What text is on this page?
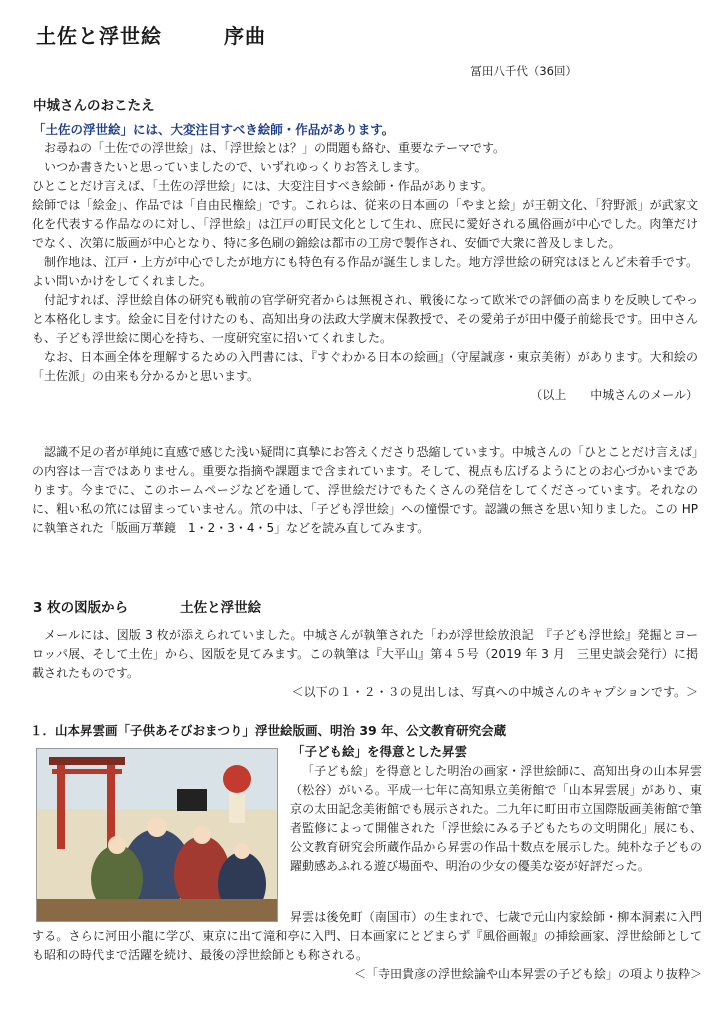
土佐と浮世絵	序曲
冨田八千代（36回）
中城さんのおこたえ
「土佐の浮世絵」には、大変注目すべき絵師・作品があります。

お尋ねの「土佐での浮世絵」は、「浮世絵とは？」の問題も絡む、重要なテーマです。

いつか書きたいと思っていましたので、いずれゆっくりお答えします。

ひとことだけ言えば、「土佐の浮世絵」には、大変注目すべき絵師・作品があります。

絵師では「絵金」、作品では「自由民権絵」です。これらは、従来の日本画の「やまと絵」が王朝文化、「狩野派」が武家文化を代表する作品なのに対し、「浮世絵」は江戸の町民文化として生れ、庶民に愛好される風俗画が中心でした。肉筆だけでなく、次第に版画が中心となり、特に多色刷の錦絵は都市の工房で製作され、安価で大衆に普及しました。

制作地は、江戸・上方が中心でしたが地方にも特色有る作品が誕生しました。地方浮世絵の研究はほとんど未着手です。よい問いかけをしてくれました。

付記すれば、浮世絵自体の研究も戦前の官学研究者からは無視され、戦後になって欧米での評価の高まりを反映してやっと本格化します。絵金に目を付けたのも、高知出身の法政大学廣末保教授で、その愛弟子が田中優子前総長です。田中さんも、子ども浮世絵に関心を持ち、一度研究室に招いてくれました。

なお、日本画全体を理解するための入門書には、『すぐわかる日本の絵画』（守屋誠彦・東京美術）があります。大和絵の「土佐派」の由来も分かるかと思います。

（以上　　中城さんのメール）

認識不足の者が単純に直感で感じた浅い疑問に真摯にお答えくださり恐縮しています。中城さんの「ひとことだけ言えば」の内容は一言ではありません。重要な指摘や課題まで含まれています。そして、視点も広げるようにとのお心づかいまであります。今までに、このホームページなどを通して、浮世絵だけでもたくさんの発信をしてくださっています。それなのに、粗い私の笊には留まっていません。笊の中は、「子ども浮世絵」への憧憬です。認識の無さを思い知りました。この HP に執筆された「版画万華鏡　1・2・3・4・5」などを読み直してみます。

3 枚の図版から	土佐と浮世絵

メールには、図版 3 枚が添えられていました。中城さんが執筆された「わが浮世絵放浪記　『子ども浮世絵』発掘とヨーロッパ展、そして土佐」から、図版を見てみます。この執筆は『大平山』第４５号（2019 年 3 月　三里史談会発行）に掲載されたものです。

＜以下の１・２・３の見出しは、写真への中城さんのキャプションです。＞

１．山本昇雲画「子供あそびおまつり」浮世絵版画、明治 39 年、公文教育研究会蔵
「子ども絵」を得意とした昇雲

「子ども絵」を得意とした明治の画家・浮世絵師に、高知出身の山本昇雲（松谷）がいる。平成一七年に高知県立美術館で「山本昇雲展」があり、東京の太田記念美術館でも展示された。二九年に町田市立国際版画美術館で筆者監修によって開催された「浮世絵にみる子どもたちの文明開化」展にも、公文教育研究会所蔵作品から昇雲の作品十数点を展示した。純朴な子どもの躍動感あふれる遊び場面や、明治の少女の優美な姿が好評だった。

昇雲は後免町（南国市）の生まれで、七歳で元山内家絵師・柳本洞素に入門する。さらに河田小龍に学び、東京に出て滝和亭に入門、日本画家にとどまらず『風俗画報』の挿絵画家、浮世絵師としても昭和の時代まで活躍を続け、最後の浮世絵師とも称される。

＜「寺田貴彦の浮世絵論や山本昇雲の子ども絵」の項より抜粋＞
